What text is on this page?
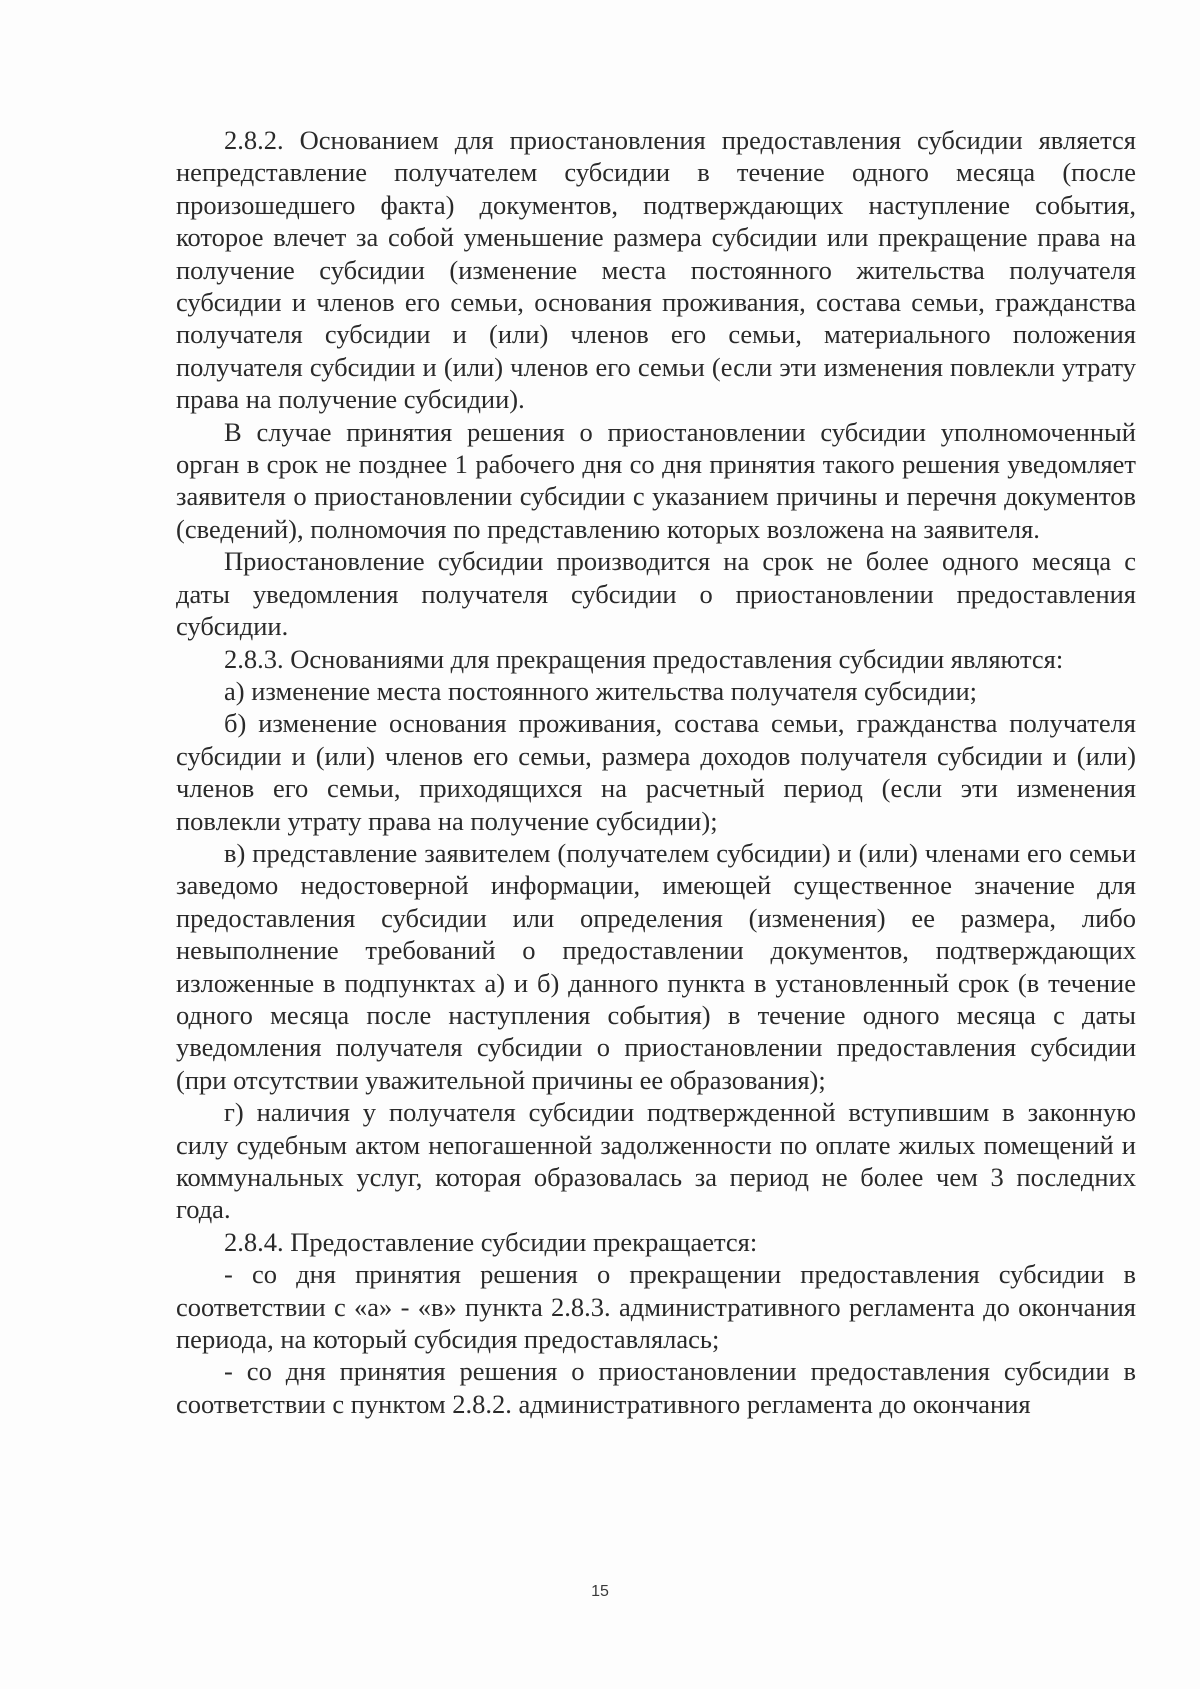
2.8.2. Основанием для приостановления предоставления субсидии является непредставление получателем субсидии в течение одного месяца (после произошедшего факта) документов, подтверждающих наступление события, которое влечет за собой уменьшение размера субсидии или прекращение права на получение субсидии (изменение места постоянного жительства получателя субсидии и членов его семьи, основания проживания, состава семьи, гражданства получателя субсидии и (или) членов его семьи, материального положения получателя субсидии и (или) членов его семьи (если эти изменения повлекли утрату права на получение субсидии).

В случае принятия решения о приостановлении субсидии уполномоченный орган в срок не позднее 1 рабочего дня со дня принятия такого решения уведомляет заявителя о приостановлении субсидии с указанием причины и перечня документов (сведений), полномочия по представлению которых возложена на заявителя.

Приостановление субсидии производится на срок не более одного месяца с даты уведомления получателя субсидии о приостановлении предоставления субсидии.

2.8.3. Основаниями для прекращения предоставления субсидии являются:

а) изменение места постоянного жительства получателя субсидии;

б) изменение основания проживания, состава семьи, гражданства получателя субсидии и (или) членов его семьи, размера доходов получателя субсидии и (или) членов его семьи, приходящихся на расчетный период (если эти изменения повлекли утрату права на получение субсидии);

в) представление заявителем (получателем субсидии) и (или) членами его семьи заведомо недостоверной информации, имеющей существенное значение для предоставления субсидии или определения (изменения) ее размера, либо невыполнение требований о предоставлении документов, подтверждающих изложенные в подпунктах а) и б) данного пункта в установленный срок (в течение одного месяца после наступления события) в течение одного месяца с даты уведомления получателя субсидии о приостановлении предоставления субсидии (при отсутствии уважительной причины ее образования);

г) наличия у получателя субсидии подтвержденной вступившим в законную силу судебным актом непогашенной задолженности по оплате жилых помещений и коммунальных услуг, которая образовалась за период не более чем 3 последних года.

2.8.4. Предоставление субсидии прекращается:

- со дня принятия решения о прекращении предоставления субсидии в соответствии с «а» - «в» пункта 2.8.3. административного регламента до окончания периода, на который субсидия предоставлялась;

- со дня принятия решения о приостановлении предоставления субсидии в соответствии с пунктом 2.8.2. административного регламента до окончания

15
